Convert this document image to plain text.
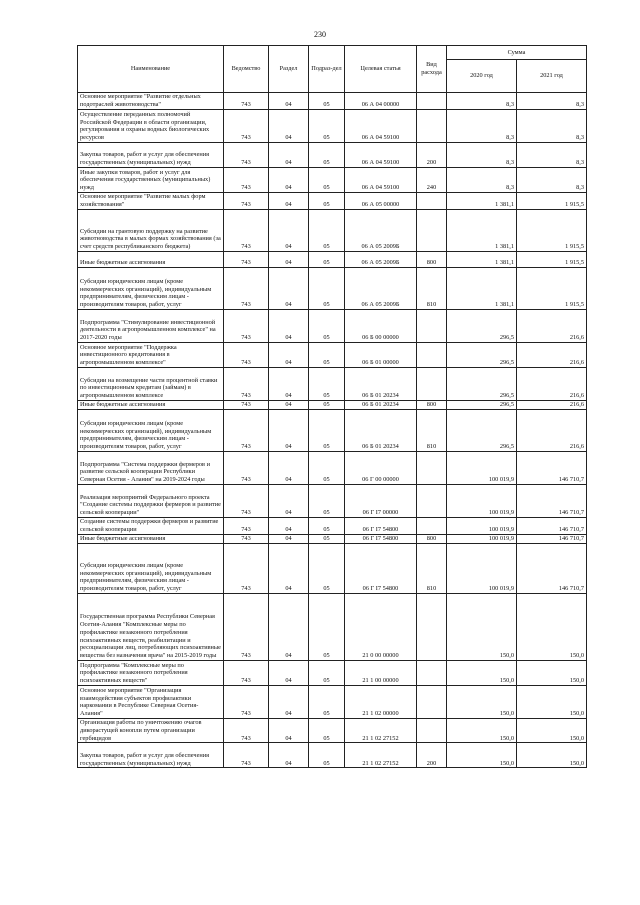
230
Наименование	Ведомство	Раздел	Подраз-дел	Целевая статья	Вид расхода	Сумма	
						2020 год	2021 год
Основное мероприятие "Развитие отдельных подотраслей животноводства"	743	04	05	06 А 04 00000		8,3	8,3
Осуществление переданных полномочий Российской Федерации в области организации, регулирования и охраны водных биологических ресурсов	743	04	05	06 А 04 59100		8,3	8,3
Закупка товаров, работ и услуг для обеспечения государственных (муниципальных) нужд	743	04	05	06 А 04 59100	200	8,3	8,3
Иные закупки товаров, работ и услуг для обеспечения государственных (муниципальных) нужд	743	04	05	06 А 04 59100	240	8,3	8,3
Основное мероприятие "Развитие малых форм хозяйствования"	743	04	05	06 А 05 00000		1 381,1	1 915,5
Субсидии на грантовую поддержку на развитие животноводства в малых формах хозяйствования (за счет средств республиканского бюджета)	743	04	05	06 А 05 2009Б		1 381,1	1 915,5
Иные бюджетные ассигнования	743	04	05	06 А 05 2009Б	800	1 381,1	1 915,5
Субсидии юридическим лицам (кроме некоммерческих организаций), индивидуальным предпринимателям, физическим лицам - производителям товаров, работ, услуг	743	04	05	06 А 05 2009Б	810	1 381,1	1 915,5
Подпрограмма "Стимулирование инвестиционной деятельности в агропромышленном комплексе" на 2017-2020 годы	743	04	05	06 Б 00 00000		296,5	216,6
Основное мероприятие "Поддержка инвестиционного кредитования в агропромышленном комплексе"	743	04	05	06 Б 01 00000		296,5	216,6
Субсидии на возмещение части процентной ставки по инвестиционным кредитам (займам) в агропромышленном комплексе	743	04	05	06 Б 01 20234		296,5	216,6
Иные бюджетные ассигнования	743	04	05	06 Б 01 20234	800	296,5	216,6
Субсидии юридическим лицам (кроме некоммерческих организаций), индивидуальным предпринимателям, физическим лицам - производителям товаров, работ, услуг	743	04	05	06 Б 01 20234	810	296,5	216,6
Подпрограмма "Система поддержки фермеров и развитие сельской кооперации Республики Северная Осетия - Алания" на 2019-2024 годы	743	04	05	06 Г 00 00000		100 019,9	146 710,7
Реализация мероприятий Федерального проекта "Создание системы поддержки фермеров и развитие сельской кооперации"	743	04	05	06 Г I7 00000		100 019,9	146 710,7
Создание системы поддержки фермеров и развитие сельской кооперации	743	04	05	06 Г I7 54800		100 019,9	146 710,7
Иные бюджетные ассигнования	743	04	05	06 Г I7 54800	800	100 019,9	146 710,7
Субсидии юридическим лицам (кроме некоммерческих организаций), индивидуальным предпринимателям, физическим лицам - производителям товаров, работ, услуг	743	04	05	06 Г I7 54800	810	100 019,9	146 710,7
Государственная программа Республики Северная Осетия-Алания "Комплексные меры по профилактике незаконного потребления психоактивных веществ, реабилитации и ресоциализации лиц, потребляющих психоактивные вещества без назначения врача" на 2015-2019 годы	743	04	05	21 0 00 00000		150,0	150,0
Подпрограмма "Комплексные меры по профилактике незаконного потребления психоактивных веществ"	743	04	05	21 1 00 00000		150,0	150,0
Основное мероприятие "Организация взаимодействия субъектов профилактики наркомании в Республике Северная Осетия-Алания"	743	04	05	21 1 02 00000		150,0	150,0
Организация работы по уничтожению очагов дикорастущей конопли путем организации гербицидов	743	04	05	21 1 02 27152		150,0	150,0
Закупка товаров, работ и услуг для обеспечения государственных (муниципальных) нужд	743	04	05	21 1 02 27152	200	150,0	150,0
